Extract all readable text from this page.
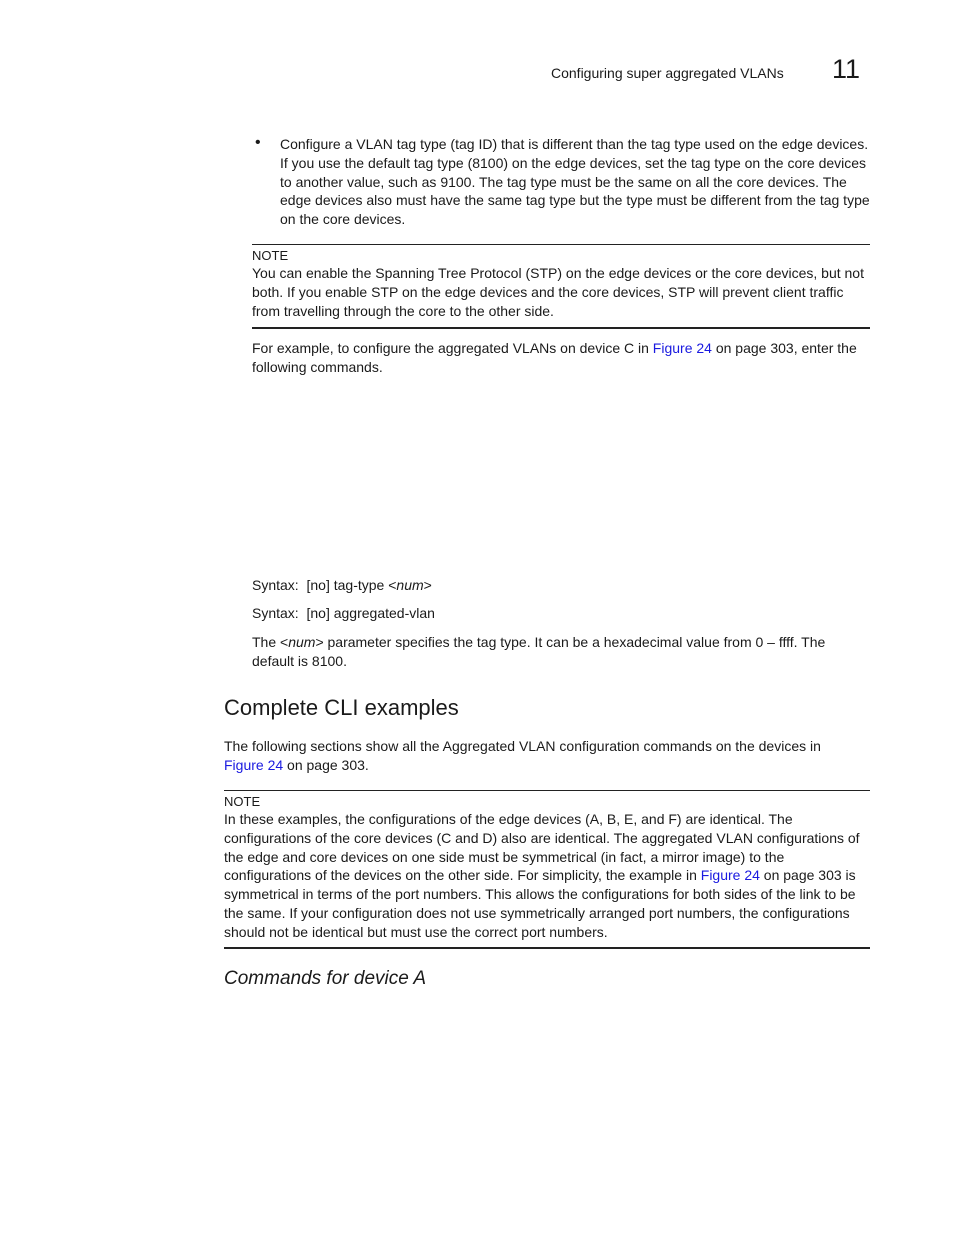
Configuring super aggregated VLANs 11
• Configure a VLAN tag type (tag ID) that is different than the tag type used on the edge devices. If you use the default tag type (8100) on the edge devices, set the tag type on the core devices to another value, such as 9100. The tag type must be the same on all the core devices. The edge devices also must have the same tag type but the type must be different from the tag type on the core devices.
NOTE
You can enable the Spanning Tree Protocol (STP) on the edge devices or the core devices, but not both. If you enable STP on the edge devices and the core devices, STP will prevent client traffic from travelling through the core to the other side.
For example, to configure the aggregated VLANs on device C in Figure 24 on page 303, enter the following commands.
Syntax: [no] tag-type <num>
Syntax: [no] aggregated-vlan
The <num> parameter specifies the tag type. It can be a hexadecimal value from 0 – ffff. The default is 8100.
Complete CLI examples
The following sections show all the Aggregated VLAN configuration commands on the devices in Figure 24 on page 303.
NOTE
In these examples, the configurations of the edge devices (A, B, E, and F) are identical. The configurations of the core devices (C and D) also are identical. The aggregated VLAN configurations of the edge and core devices on one side must be symmetrical (in fact, a mirror image) to the configurations of the devices on the other side. For simplicity, the example in Figure 24 on page 303 is symmetrical in terms of the port numbers. This allows the configurations for both sides of the link to be the same. If your configuration does not use symmetrically arranged port numbers, the configurations should not be identical but must use the correct port numbers.
Commands for device A
